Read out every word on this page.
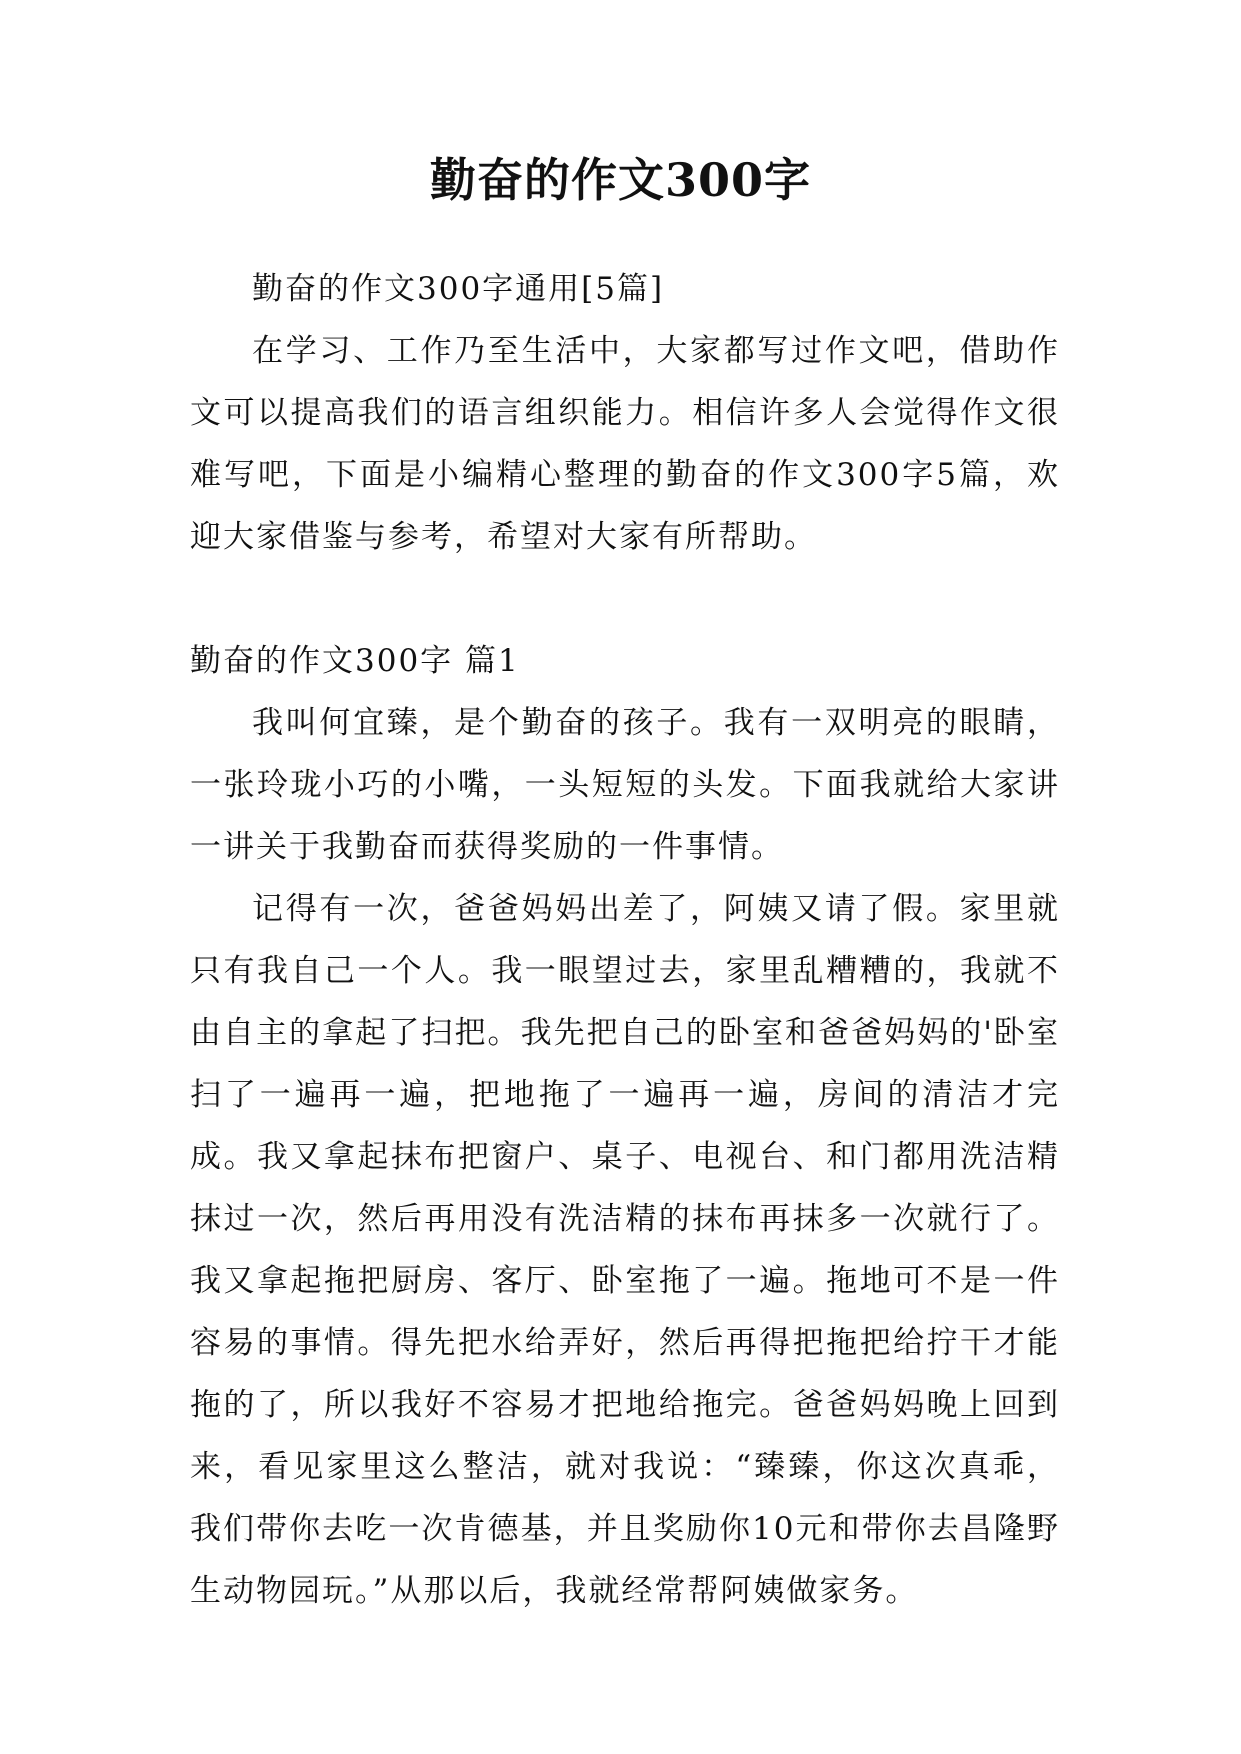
勤奋的作文300字

勤奋的作文300字通用[5篇]

在学习、工作乃至生活中，大家都写过作文吧，借助作文可以提高我们的语言组织能力。相信许多人会觉得作文很难写吧，下面是小编精心整理的勤奋的作文300字5篇，欢迎大家借鉴与参考，希望对大家有所帮助。

勤奋的作文300字 篇1

我叫何宜臻，是个勤奋的孩子。我有一双明亮的眼睛，一张玲珑小巧的小嘴，一头短短的头发。下面我就给大家讲一讲关于我勤奋而获得奖励的一件事情。

记得有一次，爸爸妈妈出差了，阿姨又请了假。家里就只有我自己一个人。我一眼望过去，家里乱糟糟的，我就不由自主的拿起了扫把。我先把自己的卧室和爸爸妈妈的'卧室扫了一遍再一遍，把地拖了一遍再一遍，房间的清洁才完成。我又拿起抹布把窗户、桌子、电视台、和门都用洗洁精抹过一次，然后再用没有洗洁精的抹布再抹多一次就行了。我又拿起拖把厨房、客厅、卧室拖了一遍。拖地可不是一件容易的事情。得先把水给弄好，然后再得把拖把给拧干才能拖的了，所以我好不容易才把地给拖完。爸爸妈妈晚上回到来，看见家里这么整洁，就对我说：“臻臻，你这次真乖，我们带你去吃一次肯德基，并且奖励你10元和带你去昌隆野生动物园玩。”从那以后，我就经常帮阿姨做家务。
